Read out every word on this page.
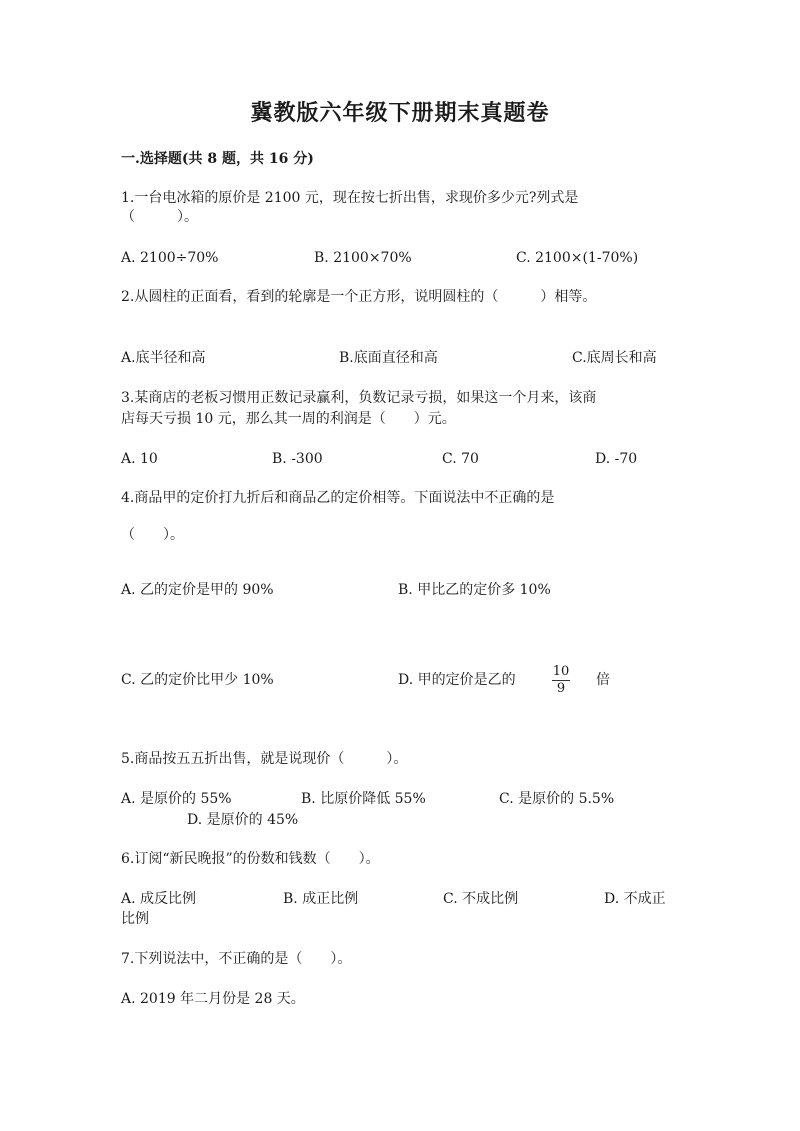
冀教版六年级下册期末真题卷
一.选择题(共 8 题，共 16 分)
1.一台电冰箱的原价是 2100 元，现在按七折出售，求现价多少元?列式是
（　　　）。
A. 2100÷70%	B. 2100×70%	C. 2100×(1-70%)
2.从圆柱的正面看，看到的轮廓是一个正方形，说明圆柱的（　　　）相等。
A.底半径和高	B.底面直径和高	C.底周长和高
3.某商店的老板习惯用正数记录赢利，负数记录亏损，如果这一个月来，该商
店每天亏损 10 元，那么其一周的利润是（　　）元。
A. 10	B. -300	C. 70	D. -70
4.商品甲的定价打九折后和商品乙的定价相等。下面说法中不正确的是
（　　）。
A. 乙的定价是甲的 90%	B. 甲比乙的定价多 10%
C. 乙的定价比甲少 10%	D. 甲的定价是乙的	$\frac{10}{9}$ 倍
5.商品按五五折出售，就是说现价（　　　）。
A. 是原价的 55%	B. 比原价降低 55%	C. 是原价的 5.5%
D. 是原价的 45%
6.订阅“新民晚报”的份数和钱数（　　）。
A. 成反比例	B. 成正比例	C. 不成比例	D. 不成正
比例
7.下列说法中，不正确的是（　　）。
A. 2019 年二月份是 28 天。
